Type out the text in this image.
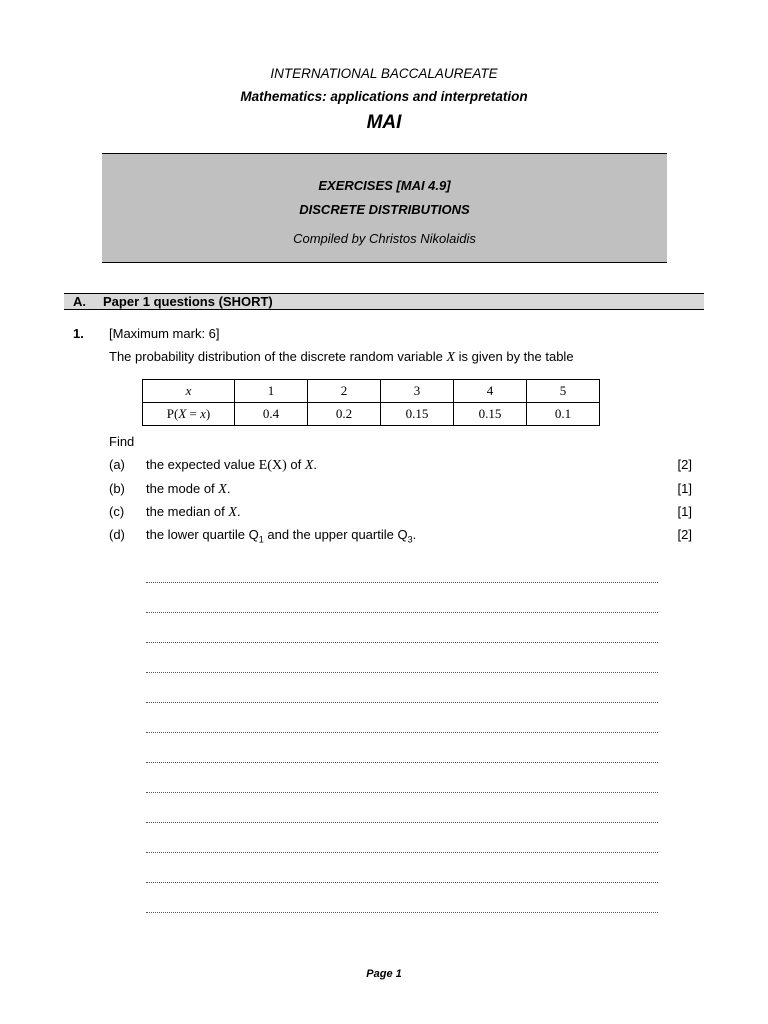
INTERNATIONAL BACCALAUREATE
Mathematics: applications and interpretation
MAI
EXERCISES [MAI 4.9]
DISCRETE DISTRIBUTIONS
Compiled by Christos Nikolaidis
A. Paper 1 questions (SHORT)
1. [Maximum mark: 6]
The probability distribution of the discrete random variable X is given by the table
x	1	2	3	4	5
P(X = x)	0.4	0.2	0.15	0.15	0.1
Find
(a) the expected value E(X) of X.	[2]
(b) the mode of X.	[1]
(c) the median of X.	[1]
(d) the lower quartile $Q_1$ and the upper quartile $Q_3$.	[2]
Page 1
